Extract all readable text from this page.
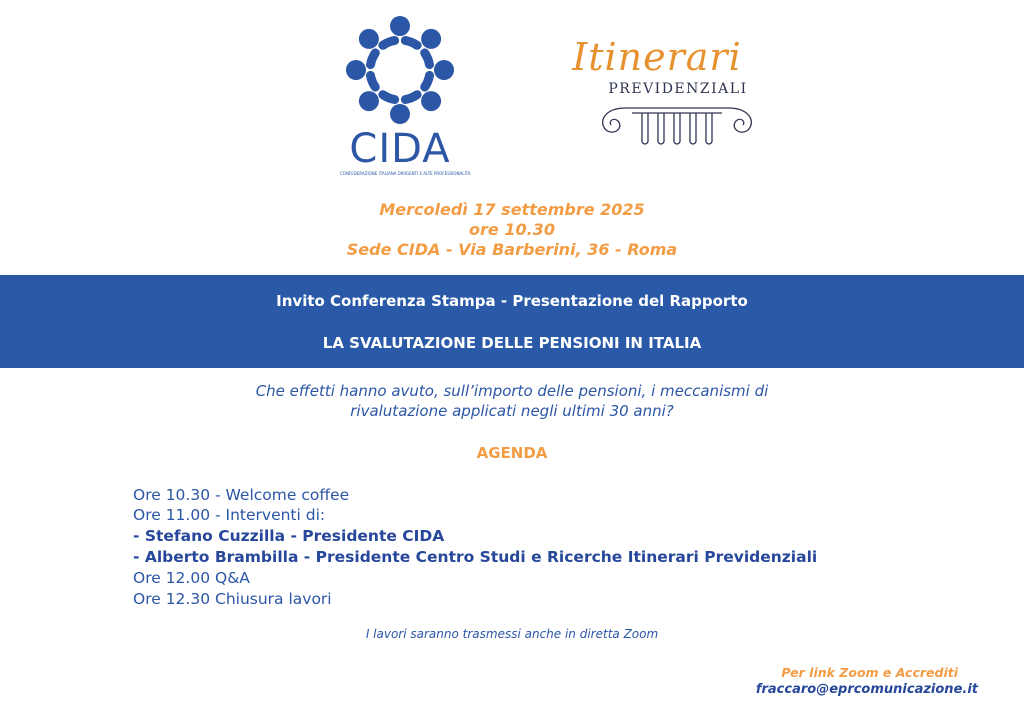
CIDA
CONFEDERAZIONE ITALIANA DIRIGENTI E ALTE PROFESSIONALITÀ
Itinerari
PREVIDENZIALI
Mercoledì 17 settembre 2025
ore 10.30
Sede CIDA - Via Barberini, 36 - Roma
Invito Conferenza Stampa - Presentazione del Rapporto
LA SVALUTAZIONE DELLE PENSIONI IN ITALIA
Che effetti hanno avuto, sull’importo delle pensioni, i meccanismi di
rivalutazione applicati negli ultimi 30 anni?
AGENDA
Ore 10.30 - Welcome coffee
Ore 11.00 - Interventi di:
- Stefano Cuzzilla - Presidente CIDA
- Alberto Brambilla - Presidente Centro Studi e Ricerche Itinerari Previdenziali
Ore 12.00 Q&A
Ore 12.30 Chiusura lavori
I lavori saranno trasmessi anche in diretta Zoom
Per link Zoom e Accrediti
fraccaro@eprcomunicazione.it
